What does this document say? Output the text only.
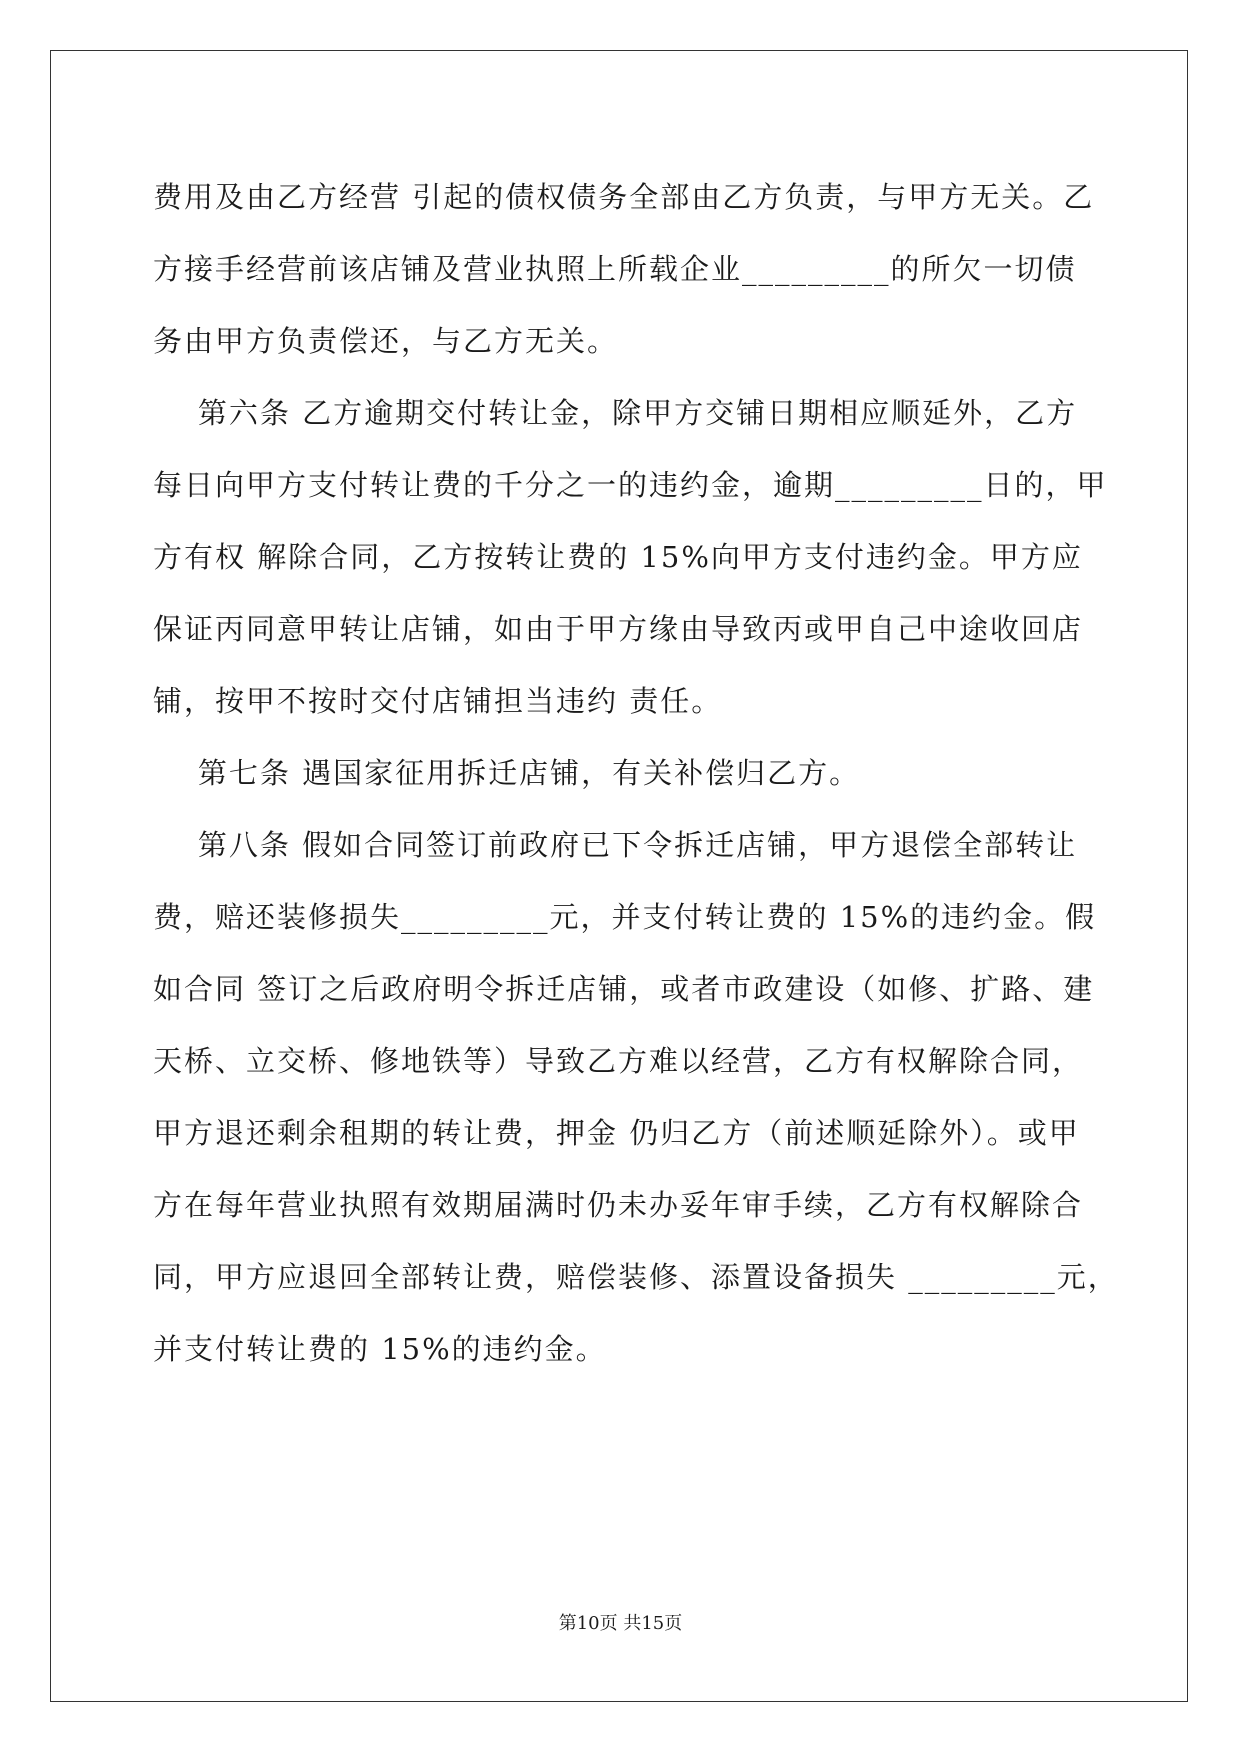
费用及由乙方经营 引起的债权债务全部由乙方负责，与甲方无关。乙
方接手经营前该店铺及营业执照上所载企业_________的所欠一切债
务由甲方负责偿还，与乙方无关。
第六条 乙方逾期交付转让金，除甲方交铺日期相应顺延外，乙方
每日向甲方支付转让费的千分之一的违约金，逾期_________日的，甲
方有权 解除合同，乙方按转让费的 15%向甲方支付违约金。甲方应
保证丙同意甲转让店铺，如由于甲方缘由导致丙或甲自己中途收回店
铺，按甲不按时交付店铺担当违约 责任。
第七条 遇国家征用拆迁店铺，有关补偿归乙方。
第八条 假如合同签订前政府已下令拆迁店铺，甲方退偿全部转让
费，赔还装修损失_________元，并支付转让费的 15%的违约金。假
如合同 签订之后政府明令拆迁店铺，或者市政建设（如修、扩路、建
天桥、立交桥、修地铁等）导致乙方难以经营，乙方有权解除合同，
甲方退还剩余租期的转让费，押金 仍归乙方（前述顺延除外）。或甲
方在每年营业执照有效期届满时仍未办妥年审手续，乙方有权解除合
同，甲方应退回全部转让费，赔偿装修、添置设备损失 _________元，
并支付转让费的 15%的违约金。
第10页 共15页
